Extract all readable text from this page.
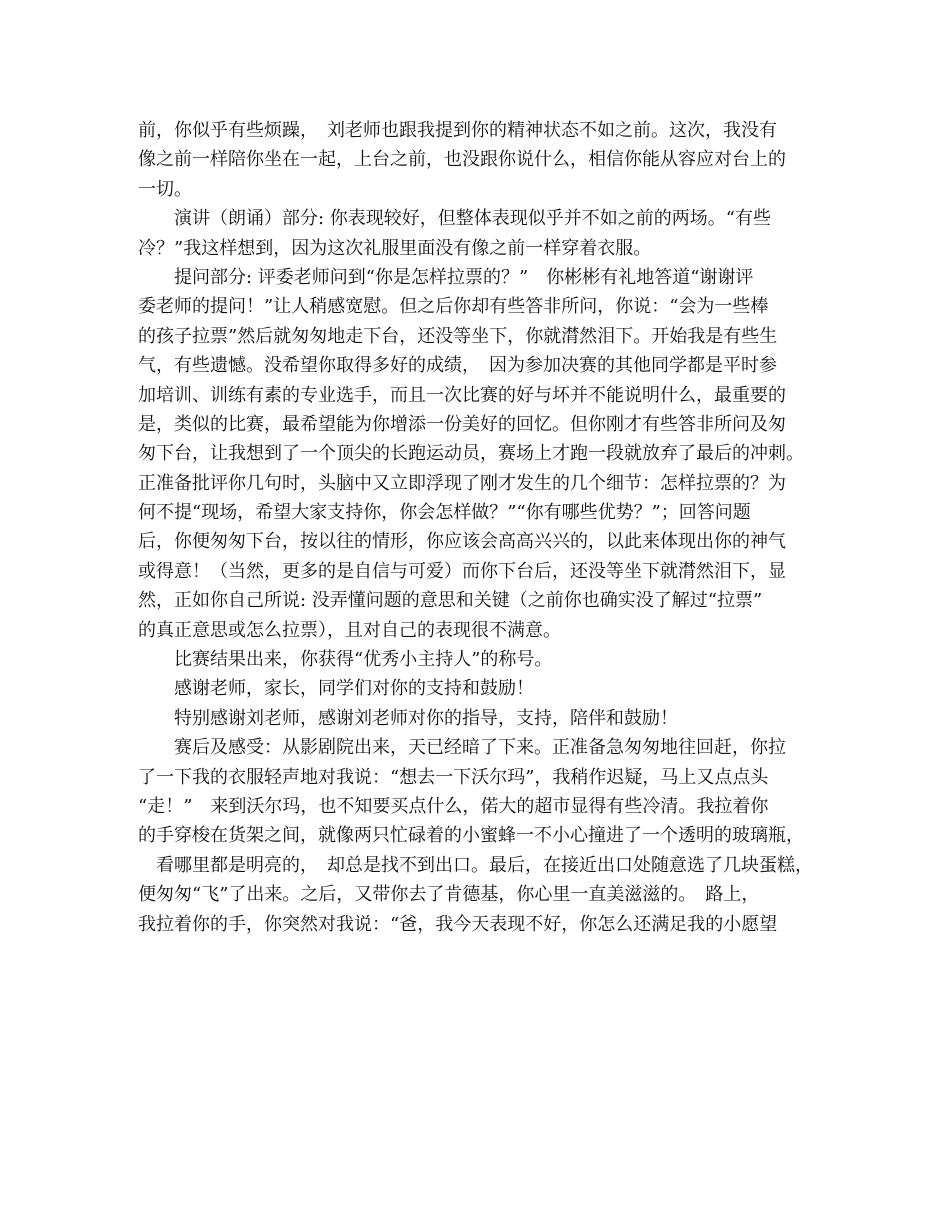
前，你似乎有些烦躁，　刘老师也跟我提到你的精神状态不如之前。这次，我没有
像之前一样陪你坐在一起，上台之前，也没跟你说什么，相信你能从容应对台上的
一切。
演讲（朗诵）部分: 你表现较好，但整体表现似乎并不如之前的两场。“有些
冷？”我这样想到，因为这次礼服里面没有像之前一样穿着衣服。
提问部分: 评委老师问到“你是怎样拉票的？”　你彬彬有礼地答道“谢谢评
委老师的提问！”让人稍感宽慰。但之后你却有些答非所问，你说：“会为一些棒
的孩子拉票”然后就匆匆地走下台，还没等坐下，你就潸然泪下。开始我是有些生
气，有些遗憾。没希望你取得多好的成绩，　因为参加决赛的其他同学都是平时参
加培训、训练有素的专业选手，而且一次比赛的好与坏并不能说明什么，最重要的
是，类似的比赛，最希望能为你增添一份美好的回忆。但你刚才有些答非所问及匆
匆下台，让我想到了一个顶尖的长跑运动员，赛场上才跑一段就放弃了最后的冲刺。
正准备批评你几句时，头脑中又立即浮现了刚才发生的几个细节：怎样拉票的？为
何不提“现场，希望大家支持你，你会怎样做？”“你有哪些优势？”；回答问题
后，你便匆匆下台，按以往的情形，你应该会高高兴兴的，以此来体现出你的神气
或得意！（当然，更多的是自信与可爱）而你下台后，还没等坐下就潸然泪下，显
然，正如你自己所说: 没弄懂问题的意思和关键（之前你也确实没了解过“拉票”
的真正意思或怎么拉票），且对自己的表现很不满意。
比赛结果出来，你获得“优秀小主持人”的称号。
感谢老师，家长，同学们对你的支持和鼓励！
特别感谢刘老师，感谢刘老师对你的指导，支持，陪伴和鼓励！
赛后及感受：从影剧院出来，天已经暗了下来。正准备急匆匆地往回赶，你拉
了一下我的衣服轻声地对我说：“想去一下沃尔玛”，我稍作迟疑，马上又点点头
“走！”　来到沃尔玛，也不知要买点什么，偌大的超市显得有些冷清。我拉着你
的手穿梭在货架之间，就像两只忙碌着的小蜜蜂一不小心撞进了一个透明的玻璃瓶，
　看哪里都是明亮的，　却总是找不到出口。最后，在接近出口处随意选了几块蛋糕，
便匆匆“飞”了出来。之后，又带你去了肯德基，你心里一直美滋滋的。　路上，
我拉着你的手，你突然对我说：“爸，我今天表现不好，你怎么还满足我的小愿望
